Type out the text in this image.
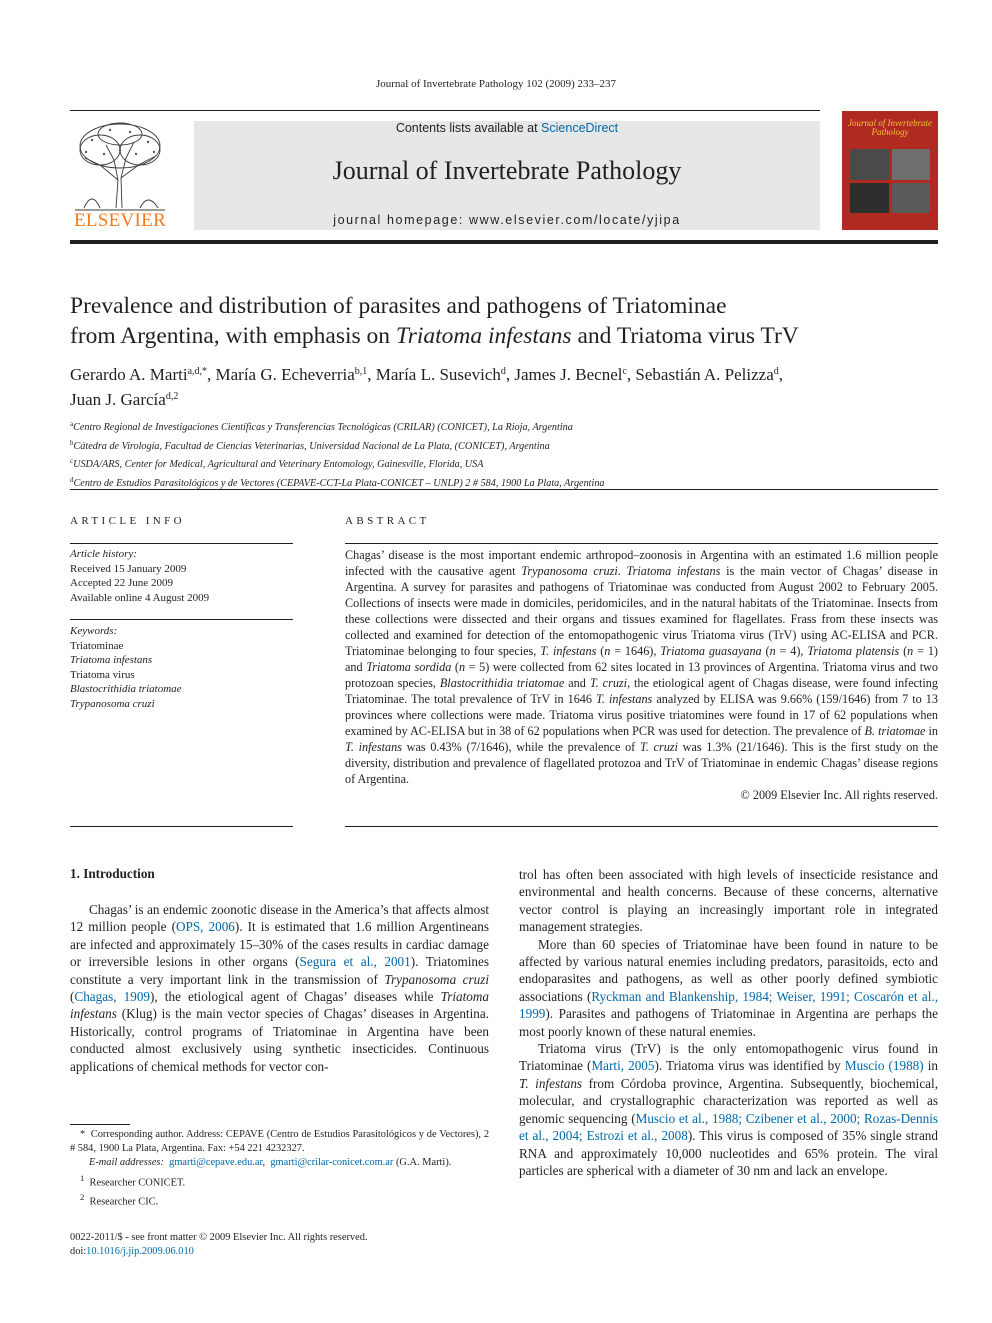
Journal of Invertebrate Pathology 102 (2009) 233–237
ELSEVIER
Contents lists available at ScienceDirect
Journal of Invertebrate Pathology
journal homepage: www.elsevier.com/locate/yjipa
Journal of Invertebrate Pathology
Prevalence and distribution of parasites and pathogens of Triatominae
from Argentina, with emphasis on Triatoma infestans and Triatoma virus TrV
Gerardo A. Marti$^{a,d,*}$, María G. Echeverria$^{b,1}$, María L. Susevich$^d$, James J. Becnel$^c$, Sebastián A. Pelizza$^d$,
Juan J. García$^{d,2}$
$^a$Centro Regional de Investigaciones Científicas y Transferencias Tecnológicas (CRILAR) (CONICET), La Rioja, Argentina
$^b$Cátedra de Virología, Facultad de Ciencias Veterinarias, Universidad Nacional de La Plata, (CONICET), Argentina
$^c$USDA/ARS, Center for Medical, Agricultural and Veterinary Entomology, Gainesville, Florida, USA
$^d$Centro de Estudios Parasitológicos y de Vectores (CEPAVE-CCT-La Plata-CONICET – UNLP) 2 # 584, 1900 La Plata, Argentina
ARTICLE INFO
Article history:
Received 15 January 2009
Accepted 22 June 2009
Available online 4 August 2009
Keywords:
Triatominae
Triatoma infestans
Triatoma virus
Blastocrithidia triatomae
Trypanosoma cruzi
ABSTRACT
Chagas’ disease is the most important endemic arthropod–zoonosis in Argentina with an estimated 1.6 million people infected with the causative agent Trypanosoma cruzi. Triatoma infestans is the main vector of Chagas’ disease in Argentina. A survey for parasites and pathogens of Triatominae was conducted from August 2002 to February 2005. Collections of insects were made in domiciles, peridomiciles, and in the natural habitats of the Triatominae. Insects from these collections were dissected and their organs and tissues examined for flagellates. Frass from these insects was collected and examined for detection of the entomopathogenic virus Triatoma virus (TrV) using AC-ELISA and PCR. Triatominae belonging to four species, T. infestans (n = 1646), Triatoma guasayana (n = 4), Triatoma platensis (n = 1) and Triatoma sordida (n = 5) were collected from 62 sites located in 13 provinces of Argentina. Triatoma virus and two protozoan species, Blastocrithidia triatomae and T. cruzi, the etiological agent of Chagas disease, were found infecting Triatominae. The total prevalence of TrV in 1646 T. infestans analyzed by ELISA was 9.66% (159/1646) from 7 to 13 provinces where collections were made. Triatoma virus positive triatomines were found in 17 of 62 populations when examined by AC-ELISA but in 38 of 62 populations when PCR was used for detection. The prevalence of B. triatomae in T. infestans was 0.43% (7/1646), while the prevalence of T. cruzi was 1.3% (21/1646). This is the first study on the diversity, distribution and prevalence of flagellated protozoa and TrV of Triatominae in endemic Chagas’ disease regions of Argentina.
© 2009 Elsevier Inc. All rights reserved.
1. Introduction

Chagas’ is an endemic zoonotic disease in the America’s that affects almost 12 million people (OPS, 2006). It is estimated that 1.6 million Argentineans are infected and approximately 15–30% of the cases results in cardiac damage or irreversible lesions in other organs (Segura et al., 2001). Triatomines constitute a very important link in the transmission of Trypanosoma cruzi (Chagas, 1909), the etiological agent of Chagas’ diseases while Triatoma infestans (Klug) is the main vector species of Chagas’ diseases in Argentina. Historically, control programs of Triatominae in Argentina have been conducted almost exclusively using synthetic insecticides. Continuous applications of chemical methods for vector con-

trol has often been associated with high levels of insecticide resistance and environmental and health concerns. Because of these concerns, alternative vector control is playing an increasingly important role in integrated management strategies.

More than 60 species of Triatominae have been found in nature to be affected by various natural enemies including predators, parasitoids, ecto and endoparasites and pathogens, as well as other poorly defined symbiotic associations (Ryckman and Blankenship, 1984; Weiser, 1991; Coscarón et al., 1999). Parasites and pathogens of Triatominae in Argentina are perhaps the most poorly known of these natural enemies.

Triatoma virus (TrV) is the only entomopathogenic virus found in Triatominae (Marti, 2005). Triatoma virus was identified by Muscio (1988) in T. infestans from Córdoba province, Argentina. Subsequently, biochemical, molecular, and crystallographic characterization was reported as well as genomic sequencing (Muscio et al., 1988; Czibener et al., 2000; Rozas-Dennis et al., 2004; Estrozi et al., 2008). This virus is composed of 35% single strand RNA and approximately 10,000 nucleotides and 65% protein. The viral particles are spherical with a diameter of 30 nm and lack an envelope.

*  Corresponding author. Address: CEPAVE (Centro de Estudios Parasitológicos y de Vectores), 2 # 584, 1900 La Plata, Argentina. Fax: +54 221 4232327.
E-mail addresses: gmarti@cepave.edu.ar,  gmarti@crilar-conicet.com.ar (G.A. Marti).
$^1$ Researcher CONICET.
$^2$ Researcher CIC.
0022-2011/$ - see front matter © 2009 Elsevier Inc. All rights reserved.
doi:10.1016/j.jip.2009.06.010
